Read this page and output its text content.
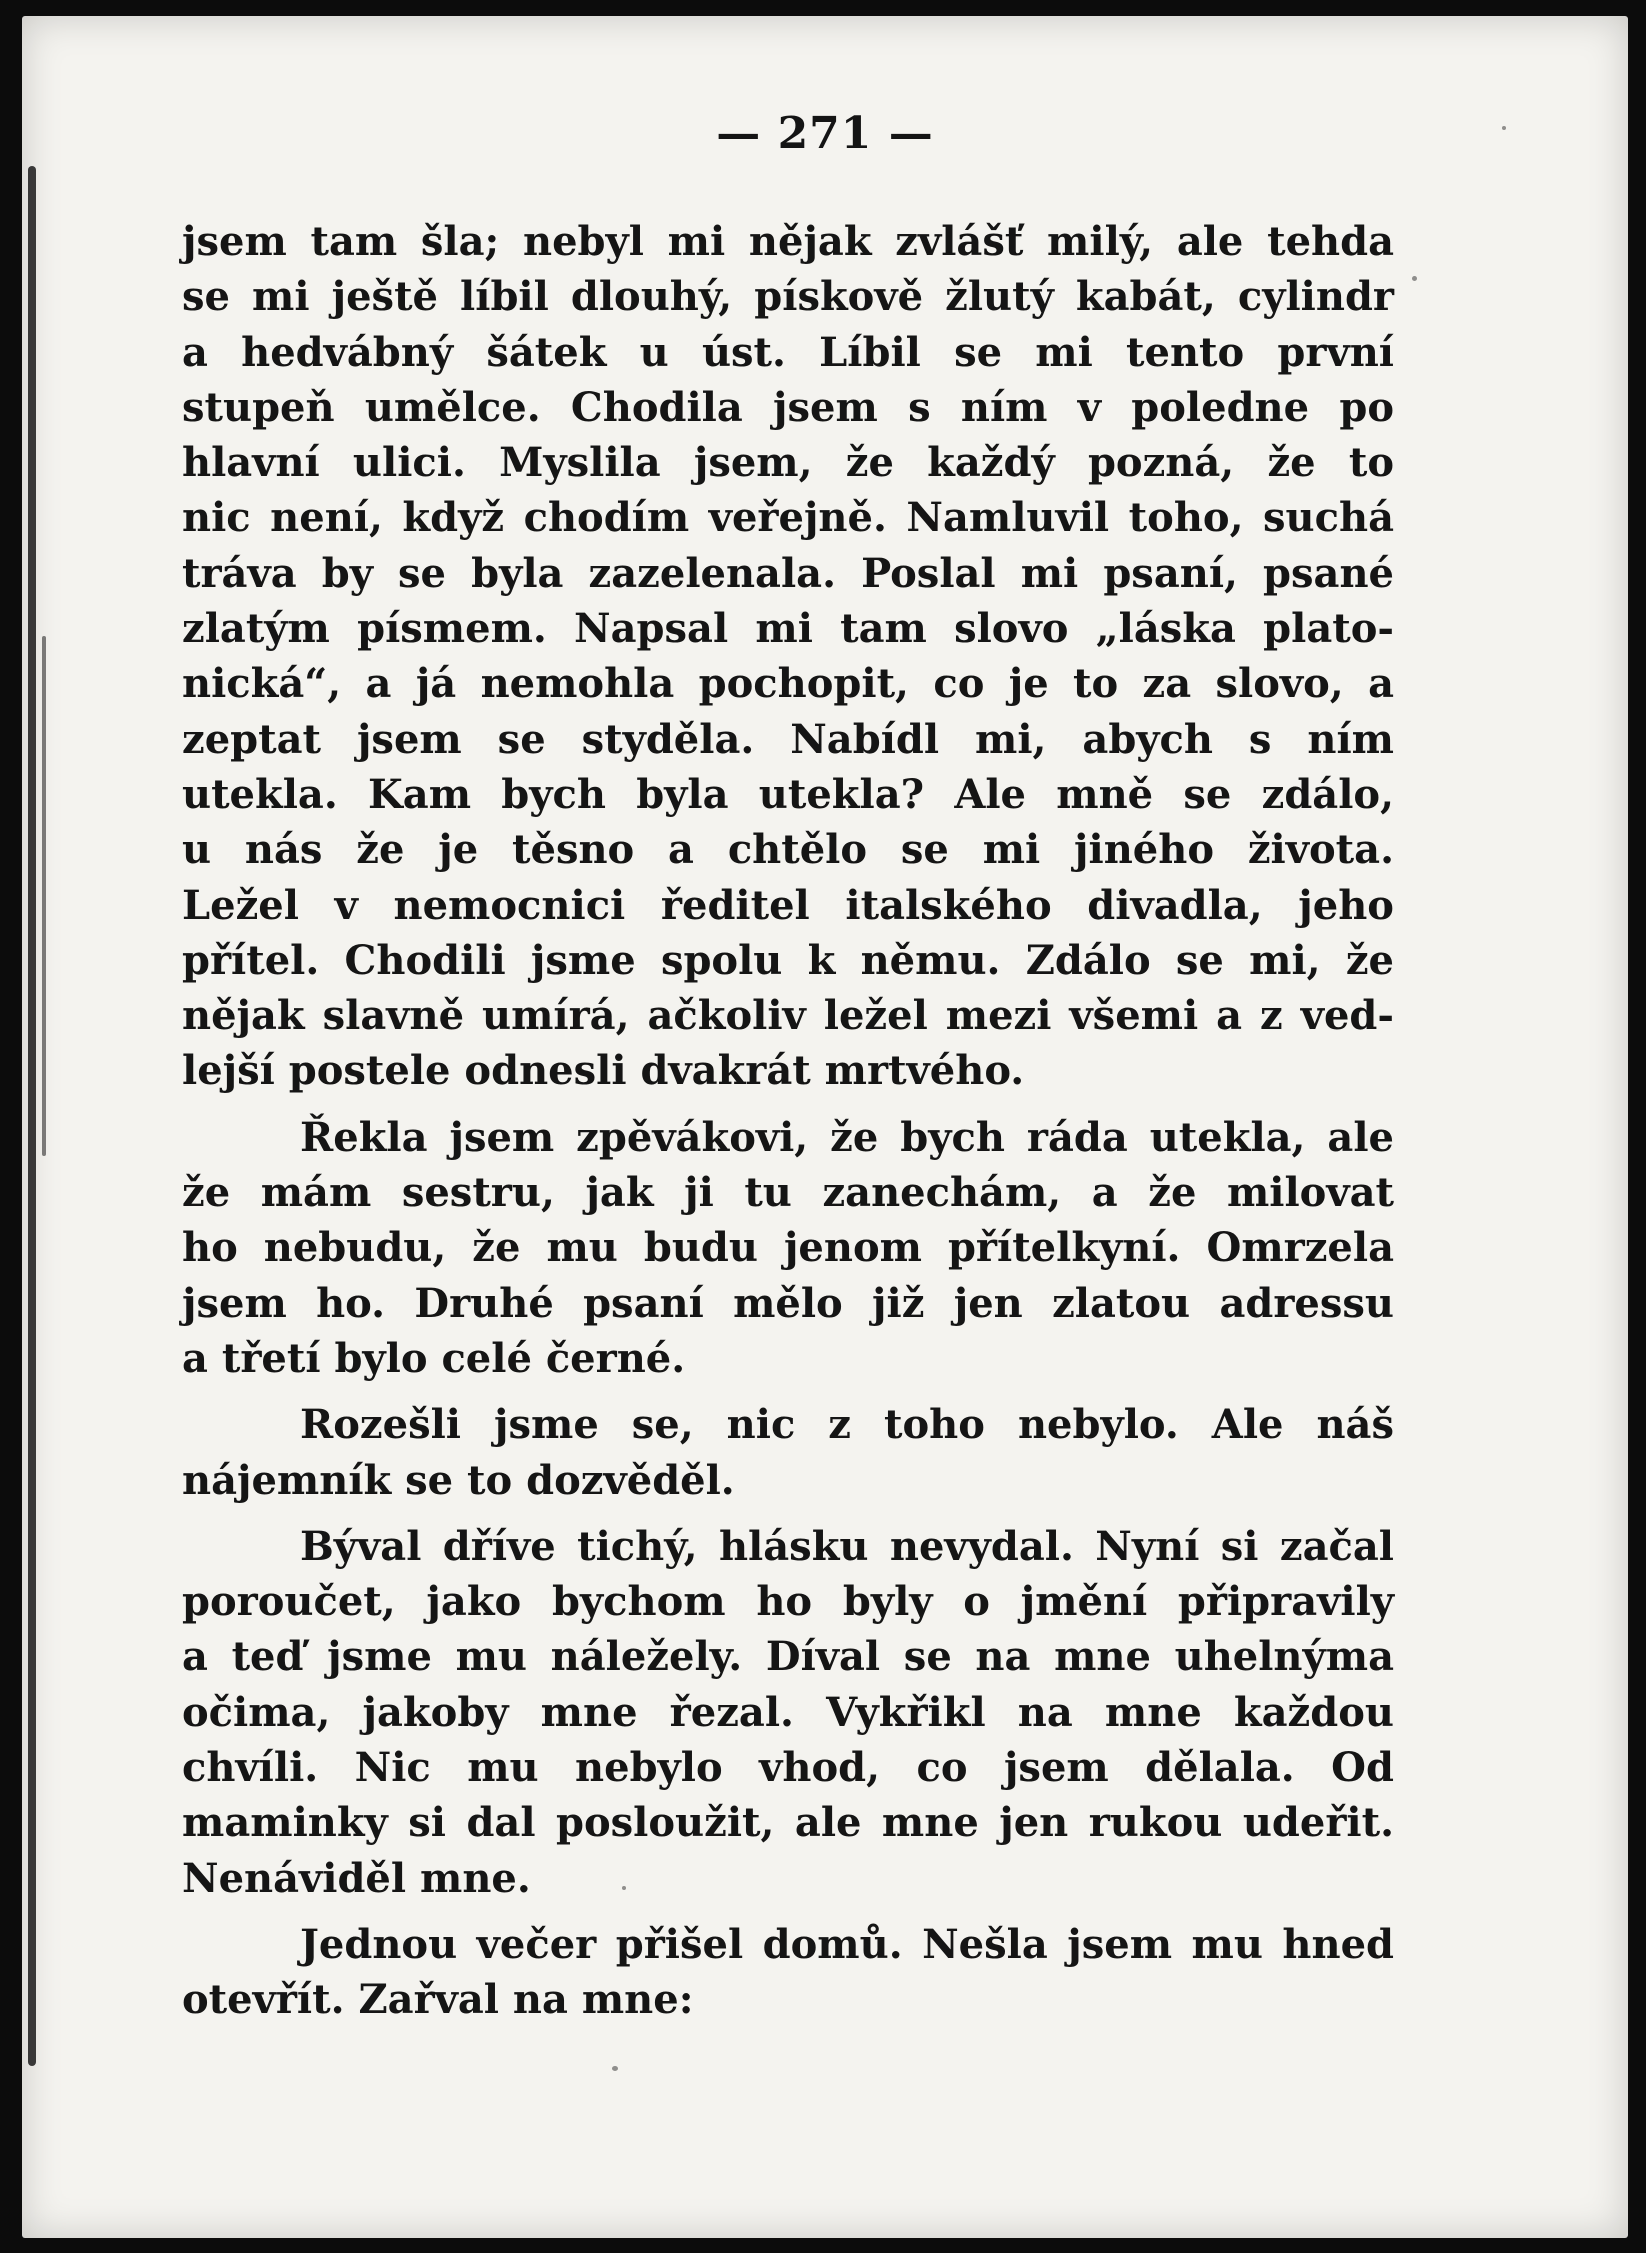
— 271 —
jsem tam šla; nebyl mi nějak zvlášť milý, ale tehda
se mi ještě líbil dlouhý, pískově žlutý kabát, cylindr
a hedvábný šátek u úst. Líbil se mi tento první
stupeň umělce. Chodila jsem s ním v poledne po
hlavní ulici. Myslila jsem, že každý pozná, že to
nic není, když chodím veřejně. Namluvil toho, suchá
tráva by se byla zazelenala. Poslal mi psaní, psané
zlatým písmem. Napsal mi tam slovo „láska plato-
nická“, a já nemohla pochopit, co je to za slovo, a
zeptat jsem se styděla. Nabídl mi, abych s ním
utekla. Kam bych byla utekla? Ale mně se zdálo,
u nás že je těsno a chtělo se mi jiného života.
Ležel v nemocnici ředitel italského divadla, jeho
přítel. Chodili jsme spolu k němu. Zdálo se mi, že
nějak slavně umírá, ačkoliv ležel mezi všemi a z ved-
lejší postele odnesli dvakrát mrtvého.
Řekla jsem zpěvákovi, že bych ráda utekla, ale
že mám sestru, jak ji tu zanechám, a že milovat
ho nebudu, že mu budu jenom přítelkyní. Omrzela
jsem ho. Druhé psaní mělo již jen zlatou adressu
a třetí bylo celé černé.
Rozešli jsme se, nic z toho nebylo. Ale náš
nájemník se to dozvěděl.
Býval dříve tichý, hlásku nevydal. Nyní si začal
poroučet, jako bychom ho byly o jmění připravily
a teď jsme mu náležely. Díval se na mne uhelnýma
očima, jakoby mne řezal. Vykřikl na mne každou
chvíli. Nic mu nebylo vhod, co jsem dělala. Od
maminky si dal posloužit, ale mne jen rukou udeřit.
Nenáviděl mne.
Jednou večer přišel domů. Nešla jsem mu hned
otevřít. Zařval na mne:
